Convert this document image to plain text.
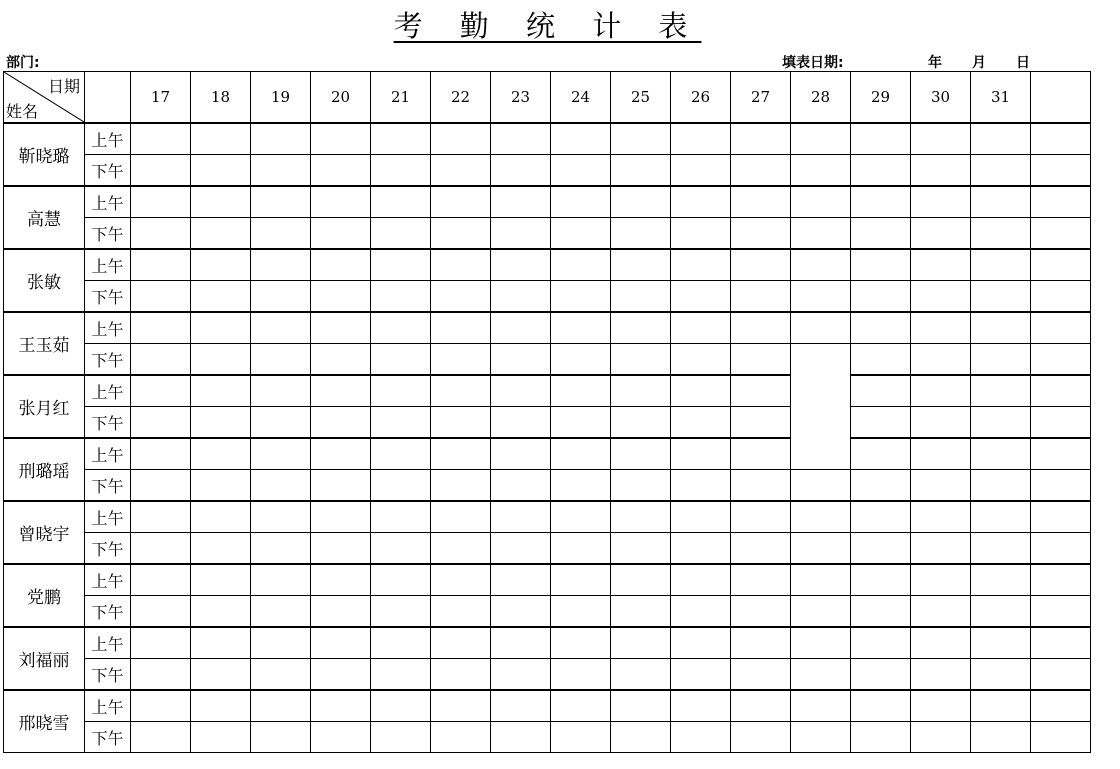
考 勤 统 计 表
部门:	填表日期:	年 月 日
日期
姓名		17	18	19	20	21	22	23	24	25	26	27	28	29	30	31	
靳晓璐	上午																
	下午																
高慧	上午																
	下午																
张敏	上午																
	下午																
王玉茹	上午																
	下午																
张月红	上午																
	下午																
刑璐瑶	上午																
	下午																
曾晓宇	上午																
	下午																
党鹏	上午																
	下午																
刘福丽	上午																
	下午																
邢晓雪	上午																
	下午																
